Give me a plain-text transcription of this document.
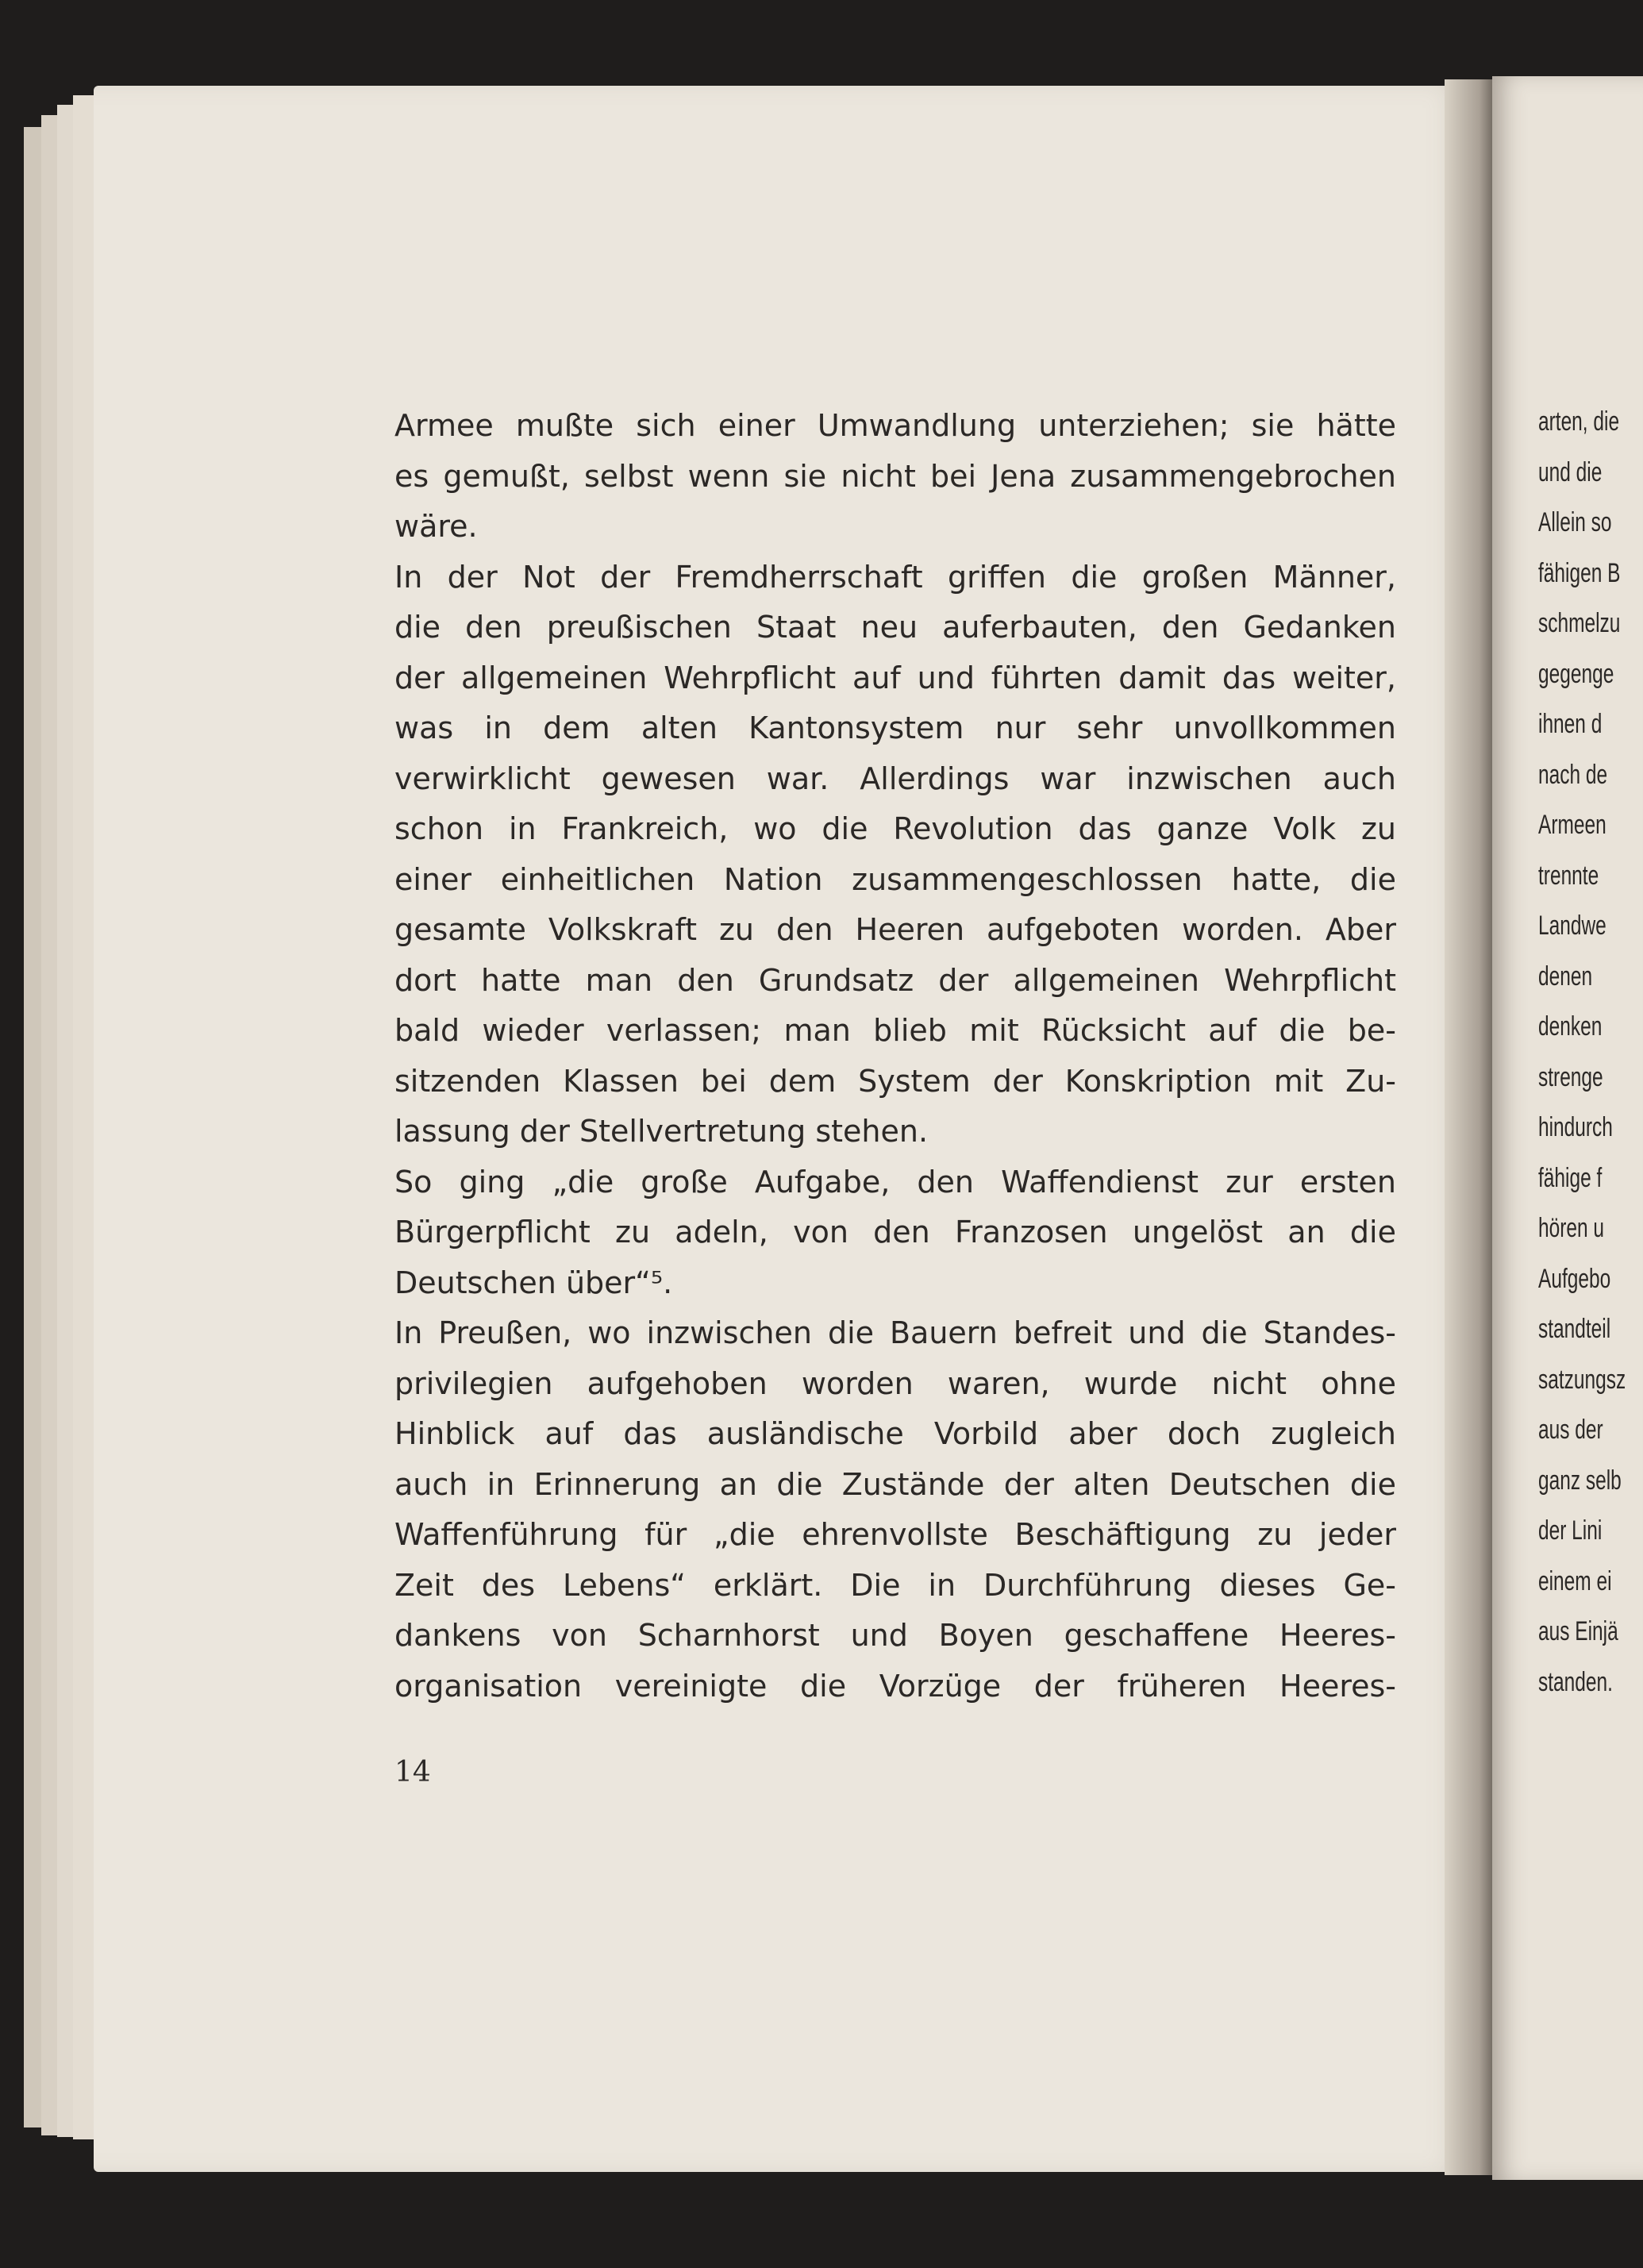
Armee mußte sich einer Umwandlung unterziehen; sie hätte
es gemußt, selbst wenn sie nicht bei Jena zusammengebrochen
wäre.
In der Not der Fremdherrschaft griffen die großen Männer,
die den preußischen Staat neu auferbauten, den Gedanken
der allgemeinen Wehrpflicht auf und führten damit das weiter,
was in dem alten Kantonsystem nur sehr unvollkommen
verwirklicht gewesen war. Allerdings war inzwischen auch
schon in Frankreich, wo die Revolution das ganze Volk zu
einer einheitlichen Nation zusammengeschlossen hatte, die
gesamte Volkskraft zu den Heeren aufgeboten worden. Aber
dort hatte man den Grundsatz der allgemeinen Wehrpflicht
bald wieder verlassen; man blieb mit Rücksicht auf die be-
sitzenden Klassen bei dem System der Konskription mit Zu-
lassung der Stellvertretung stehen.
So ging „die große Aufgabe, den Waffendienst zur ersten
Bürgerpflicht zu adeln, von den Franzosen ungelöst an die
Deutschen über“⁵.
In Preußen, wo inzwischen die Bauern befreit und die Standes-
privilegien aufgehoben worden waren, wurde nicht ohne
Hinblick auf das ausländische Vorbild aber doch zugleich
auch in Erinnerung an die Zustände der alten Deutschen die
Waffenführung für „die ehrenvollste Beschäftigung zu jeder
Zeit des Lebens“ erklärt. Die in Durchführung dieses Ge-
dankens von Scharnhorst und Boyen geschaffene Heeres-
organisation vereinigte die Vorzüge der früheren Heeres-
14
arten, die
und die
Allein so
fähigen B
schmelzu
gegenge
ihnen d
nach de
Armeen
trennte
Landwe
denen
denken
strenge
hindurch
fähige f
hören u
Aufgebo
standteil
satzungsz
aus der
ganz selb
der Lini
einem ei
aus Einjä
standen.
